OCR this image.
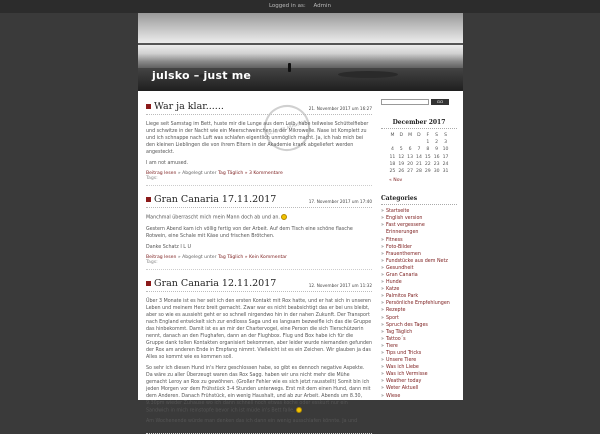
Logged in as: Admin
julsko – just me
SCHÜLER AKADEMIE
War ja klar......	21. November 2017 um 16:27

Liege seit Samstag im Bett, huste mir die Lunge aus dem Leib, habe teilweise Schüttelfieber und schwitze in der Nacht wie ein Meerschweinchen in der Mikrowelle. Nase ist Komplett zu und ich schnappe nach Luft was schlafen eigentlich unmöglich macht. Ja, ich hab mich bei den kleinen Lieblingen die von ihrem Eltern in der Akademie krank abgeliefert werden angesteckt.

I am not amused.

Beitrag lesen » Abgelegt unter Tag Täglich » 3 Kommentare
Tags:
Gran Canaria 17.11.2017	17. November 2017 um 17:40

Manchmal überrascht mich mein Mann doch ab und an.

Gestern Abend kam ich völlig fertig von der Arbeit. Auf dem Tisch eine schöne flasche Rotwein, eine Schale mit Käse und frischen Brötchen.

Danke Schatz I L U

Beitrag lesen » Abgelegt unter Tag Täglich » Kein Kommentar
Tags:
Gran Canaria 12.11.2017	12. November 2017 um 11:32

Über 3 Monate ist es her seit ich den ersten Kontakt mit Rox hatte, und er hat sich in unseren Leben und meinem Herz breit gemacht. Zwar war es nicht beabsichtigt das er bei uns bleibt, aber so wie es aussieht geht er so schnell nirgendwo hin in der nahen Zukunft. Der Transport nach England entwickelt sich zur endlosss Saga und es langsam bezweifle ich das die Gruppe das hinbekommt. Damit ist es an mir der Chartervogel, eine Person die sich Tierschützerin nennt, danach an den Flughafen, dann an der Flughbox. Flug und Box habe ich für die Gruppe dank tollen Kontakten organisiert bekommen, aber leider wurde niemanden gefunden der Rox am anderen Ende in Empfang nimmt. Vielleicht ist es ein Zeichen. Wir glauben ja das Alles so kommt wie es kommen soll.

So sehr ich diesen Hund in's Herz geschlossen habe, so gibt es dennoch negative Aspekte. Da wäre zu aller Überzeugt waren das Rox Sagg. haben wir uns nicht mehr die Mühe gemacht Leroy an Rox zu gewöhnen. (Großer Fehler wie es sich jetzt rausstellt) Somit bin ich jeden Morgen vor dem Frühstück 3-4 Stunden unterwegs. Erst mit dem einen Hund, dann mit dem Anderen. Danach Frühstück, ein wenig Haushalt, und ab zur Arbeit. Abends um 8.30, 9.30pm wieder Zuhause wo ich dann schnell noch etwas koche oder esskurt nur ein Sandwich in mich reinstopfe bevor ich ist müde in's Bett falle.

Am Wochenende würde man denken das ich dann ein wenig ausschlafen könnte. Ja und

GO
December 2017
M	D	M	D	F	S	S
				1	2	3
4	5	6	7	8	9	10
11	12	13	14	15	16	17
18	19	20	21	22	23	24
25	26	27	28	29	30	31
« Nov
Categories
» Startseite
» English version
» Fast vergessene Erinnerungen
» Fitness
» Foto-Bilder
» Frauenthemen
» Fundstücke aus dem Netz
» Gesundheit
» Gran Canaria
» Hunde
» Katze
» Palmitos Park
» Persönliche Empfehlungen
» Rezepte
» Sport
» Spruch des Tages
» Tag Täglich
» Tattoo´s
» Tiere
» Tips und Tricks
» Unsere Tiere
» Was ich Liebe
» Was ich Vermisse
» Weather today
» Weter Aktuell
» Wiese
